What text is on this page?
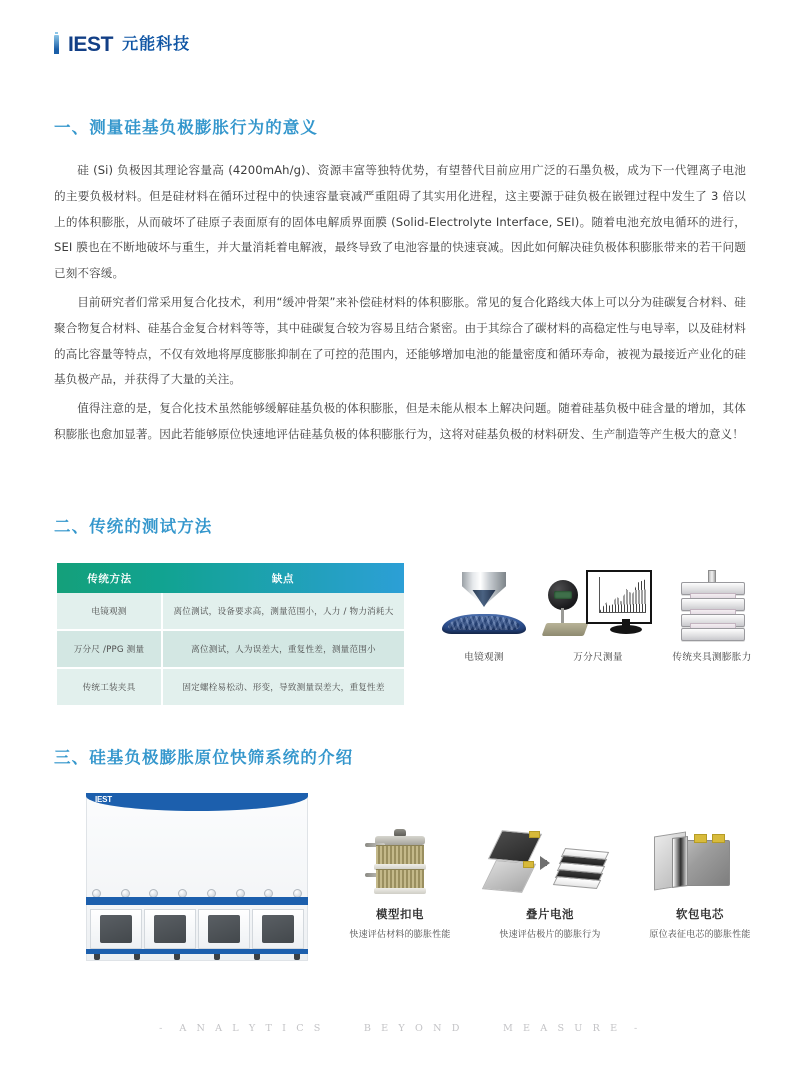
IEST 元能科技
一、测量硅基负极膨胀行为的意义

硅 (Si) 负极因其理论容量高 (4200mAh/g)、资源丰富等独特优势，有望替代目前应用广泛的石墨负极，成为下一代锂离子电池的主要负极材料。但是硅材料在循环过程中的快速容量衰减严重阻碍了其实用化进程，这主要源于硅负极在嵌锂过程中发生了 3 倍以上的体积膨胀，从而破坏了硅原子表面原有的固体电解质界面膜 (Solid-Electrolyte Interface, SEI)。随着电池充放电循环的进行，SEI 膜也在不断地破坏与重生，并大量消耗着电解液，最终导致了电池容量的快速衰减。因此如何解决硅负极体积膨胀带来的若干问题已刻不容缓。

目前研究者们常采用复合化技术，利用“缓冲骨架”来补偿硅材料的体积膨胀。常见的复合化路线大体上可以分为硅碳复合材料、硅聚合物复合材料、硅基合金复合材料等等，其中硅碳复合较为容易且结合紧密。由于其综合了碳材料的高稳定性与电导率，以及硅材料的高比容量等特点，不仅有效地将厚度膨胀抑制在了可控的范围内，还能够增加电池的能量密度和循环寿命，被视为最接近产业化的硅基负极产品，并获得了大量的关注。

值得注意的是，复合化技术虽然能够缓解硅基负极的体积膨胀，但是未能从根本上解决问题。随着硅基负极中硅含量的增加，其体积膨胀也愈加显著。因此若能够原位快速地评估硅基负极的体积膨胀行为，这将对硅基负极的材料研发、生产制造等产生极大的意义！

二、传统的测试方法
传统方法	缺点
电镜观测	离位测试，设备要求高，测量范围小，人力 / 物力消耗大
万分尺 /PPG 测量	离位测试，人为误差大，重复性差，测量范围小
传统工装夹具	固定螺栓易松动、形变，导致测量误差大，重复性差
电镜观测	万分尺测量	传统夹具测膨胀力
三、硅基负极膨胀原位快筛系统的介绍
IEST
模型扣电
快速评估材料的膨胀性能
叠片电池
快速评估极片的膨胀行为
软包电芯
原位表征电芯的膨胀性能
-  A N A L Y T I C S      B E Y O N D      M E A S U R E  -
